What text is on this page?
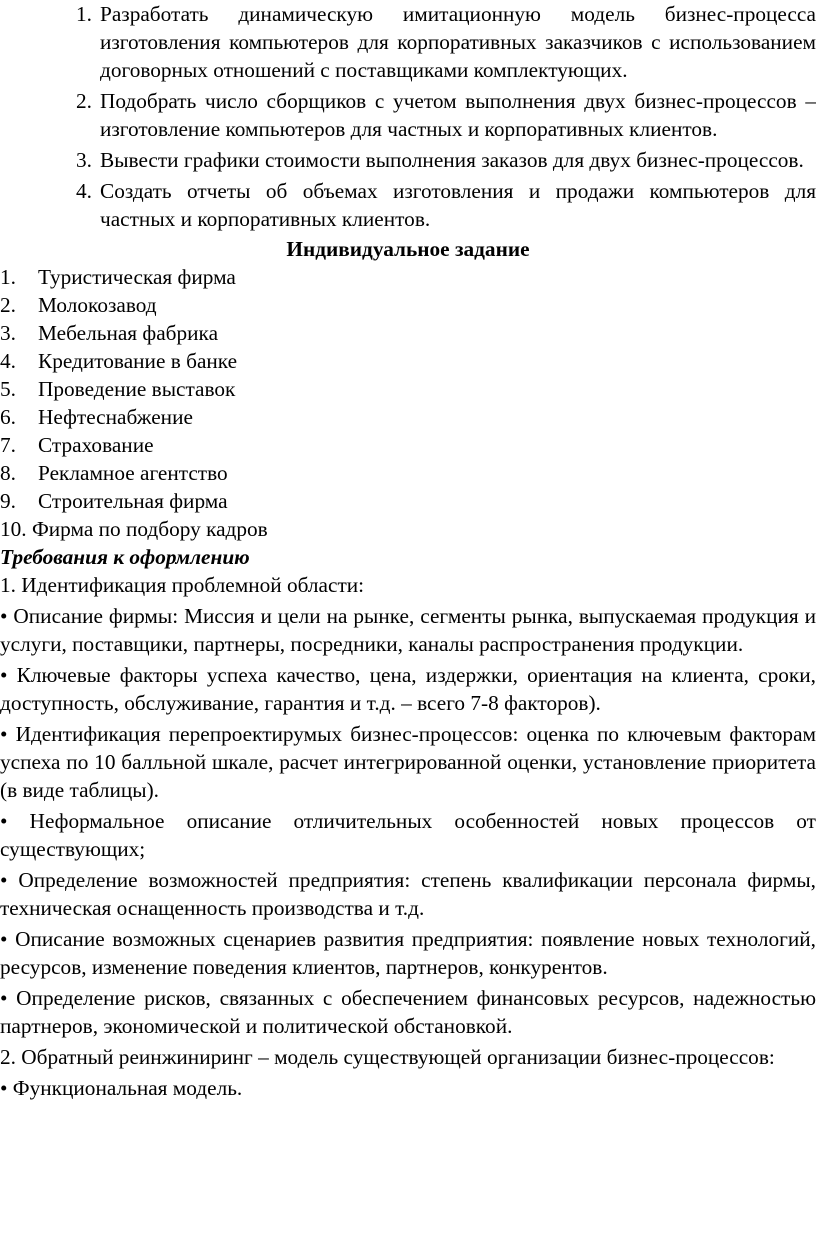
1. Разработать динамическую имитационную модель бизнес-процесса изготовления компьютеров для корпоративных заказчиков с использованием договорных отношений с поставщиками комплектующих.
2. Подобрать число сборщиков с учетом выполнения двух бизнес-процессов – изготовление компьютеров для частных и корпоративных клиентов.
3. Вывести графики стоимости выполнения заказов для двух бизнес-процессов.
4. Создать отчеты об объемах изготовления и продажи компьютеров для частных и корпоративных клиентов.

Индивидуальное задание

1. Туристическая фирма
2. Молокозавод
3. Мебельная фабрика
4. Кредитование в банке
5. Проведение выставок
6. Нефтеснабжение
7. Страхование
8. Рекламное агентство
9. Строительная фирма
10. Фирма по подбору кадров

Требования к оформлению

1. Идентификация проблемной области:

• Описание фирмы: Миссия и цели на рынке, сегменты рынка, выпускаемая продукция и услуги, поставщики, партнеры, посредники, каналы распространения продукции.

• Ключевые факторы успеха качество, цена, издержки, ориентация на клиента, сроки, доступность, обслуживание, гарантия и т.д. – всего 7-8 факторов).

• Идентификация перепроектирумых бизнес-процессов: оценка по ключевым факторам успеха по 10 балльной шкале, расчет интегрированной оценки, установление приоритета (в виде таблицы).

• Неформальное описание отличительных особенностей новых процессов от существующих;

• Определение возможностей предприятия: степень квалификации персонала фирмы, техническая оснащенность производства и т.д.

• Описание возможных сценариев развития предприятия: появление новых технологий, ресурсов, изменение поведения клиентов, партнеров, конкурентов.

• Определение рисков, связанных с обеспечением финансовых ресурсов, надежностью партнеров, экономической и политической обстановкой.

2. Обратный реинжиниринг – модель существующей организации бизнес-процессов:

• Функциональная модель.
